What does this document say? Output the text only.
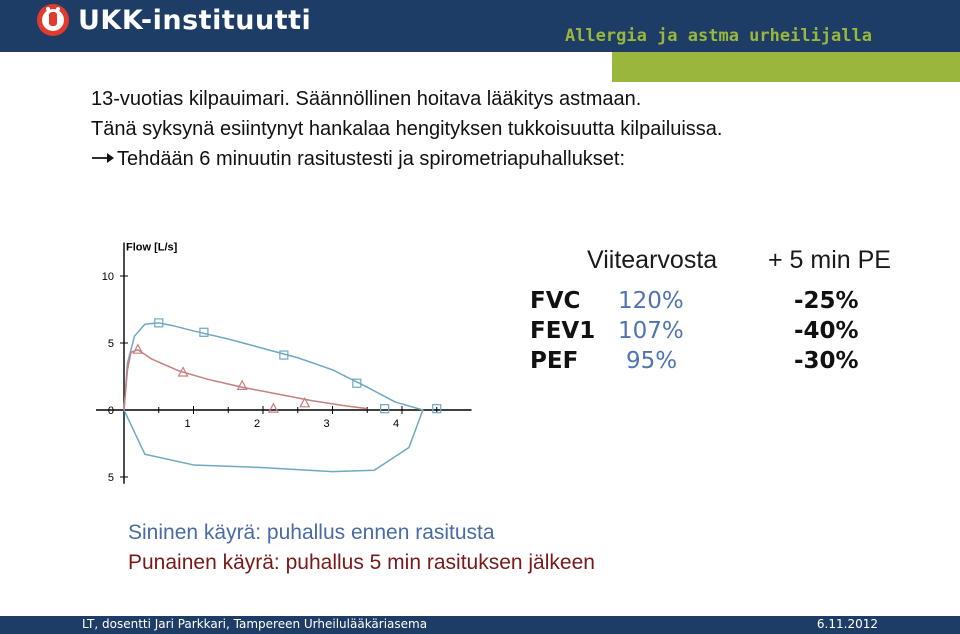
UKK-instituutti
Allergia ja astma urheilijalla
13-vuotias kilpauimari. Säännöllinen hoitava lääkitys astmaan.
Tänä syksynä esiintynyt hankalaa hengityksen tukkoisuutta kilpailuissa.
Tehdään 6 minuutin rasitustesti ja spirometriapuhallukset:
Flow [L/s]
10
5
0
5
1	2	3	4
Viitearvosta + 5 min PE
FVC 120%	-25%
FEV1 107%	-40%
PEF 95%	-30%
Sininen käyrä: puhallus ennen rasitusta
Punainen käyrä: puhallus 5 min rasituksen jälkeen
LT, dosentti Jari Parkkari, Tampereen Urheilulääkäriasema	6.11.2012
